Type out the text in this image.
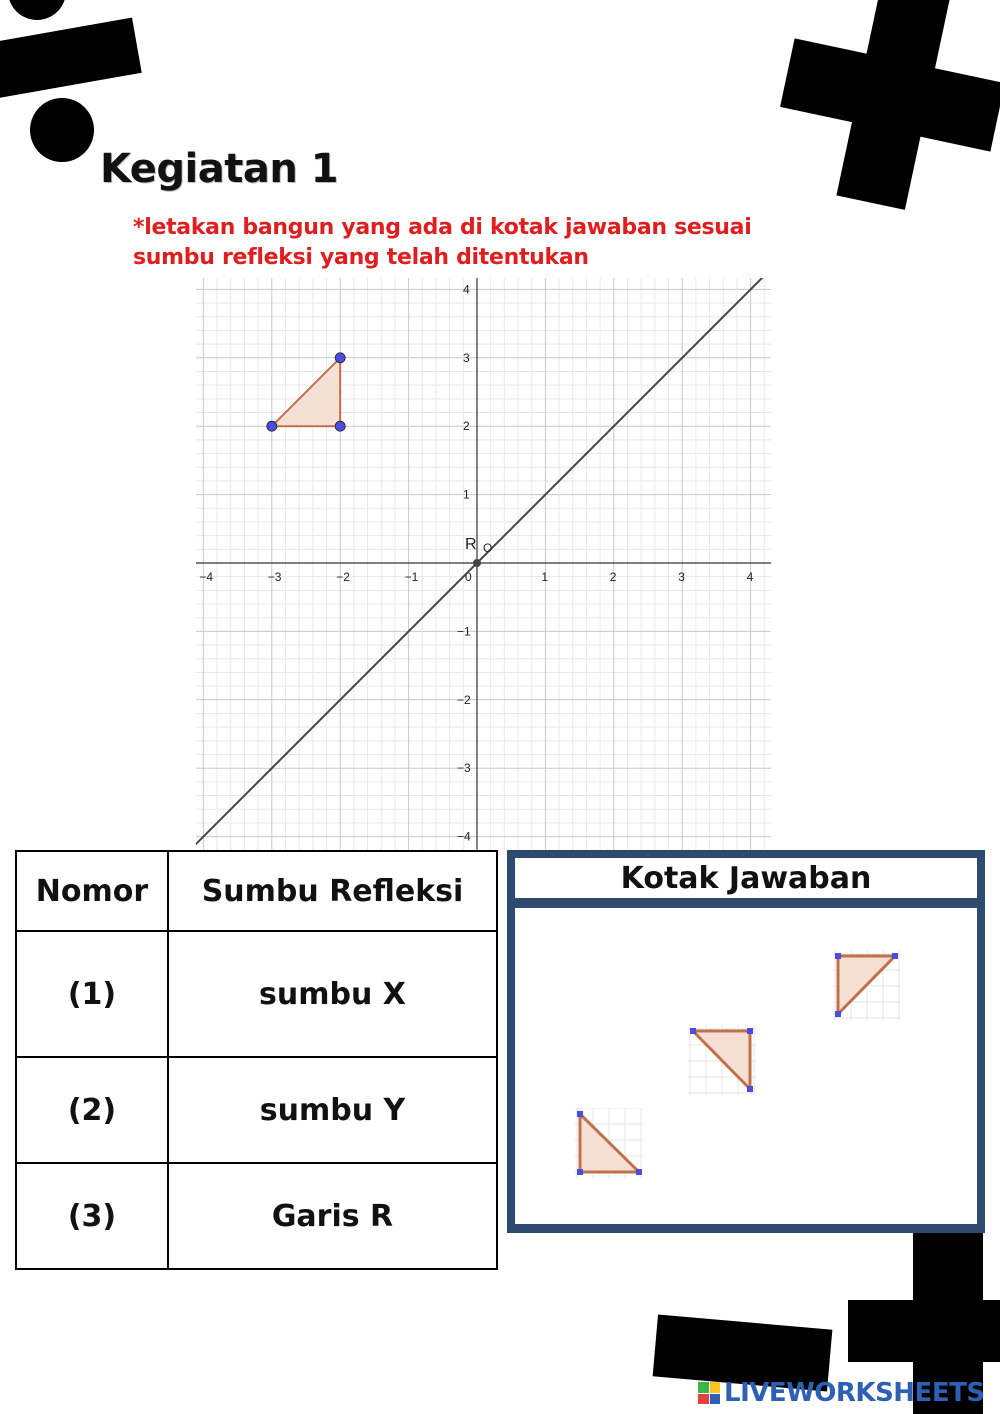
Kegiatan 1
*letakan bangun yang ada di kotak jawaban sesuai sumbu refleksi yang telah ditentukan
−4	−3	−2	−1	0	1	2	3	4
4
3
2
1
−1
−2
−3
−4
R O
Nomor	Sumbu Refleksi
(1)	sumbu X
(2)	sumbu Y
(3)	Garis R
Kotak Jawaban
LIVEWORKSHEETS
